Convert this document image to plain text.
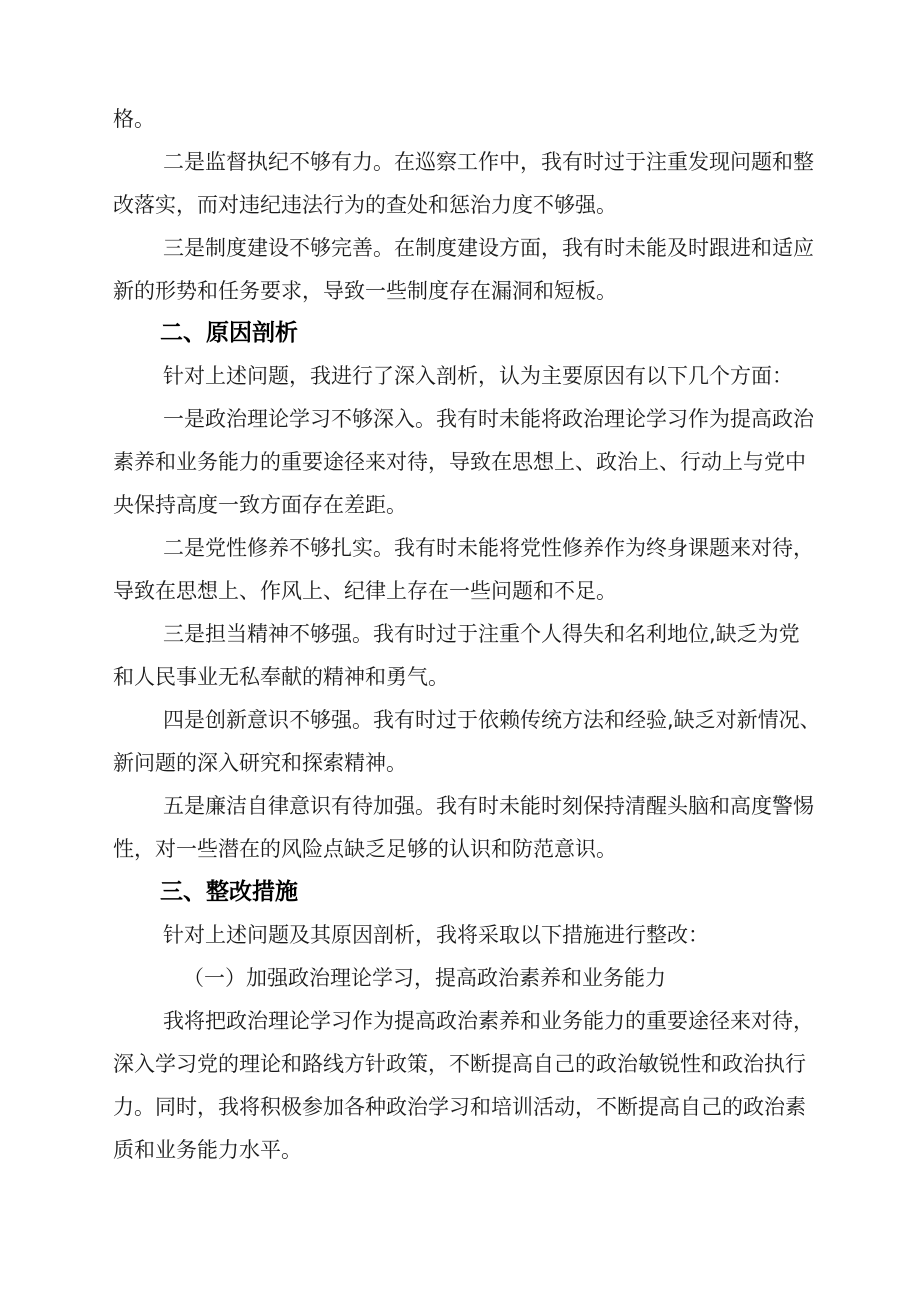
格。
二是监督执纪不够有力。在巡察工作中，我有时过于注重发现问题和整
改落实，而对违纪违法行为的查处和惩治力度不够强。
三是制度建设不够完善。在制度建设方面，我有时未能及时跟进和适应
新的形势和任务要求，导致一些制度存在漏洞和短板。
二、原因剖析
针对上述问题，我进行了深入剖析，认为主要原因有以下几个方面：
一是政治理论学习不够深入。我有时未能将政治理论学习作为提高政治
素养和业务能力的重要途径来对待，导致在思想上、政治上、行动上与党中
央保持高度一致方面存在差距。
二是党性修养不够扎实。我有时未能将党性修养作为终身课题来对待，
导致在思想上、作风上、纪律上存在一些问题和不足。
三是担当精神不够强。我有时过于注重个人得失和名利地位,缺乏为党
和人民事业无私奉献的精神和勇气。
四是创新意识不够强。我有时过于依赖传统方法和经验,缺乏对新情况、
新问题的深入研究和探索精神。
五是廉洁自律意识有待加强。我有时未能时刻保持清醒头脑和高度警惕
性，对一些潜在的风险点缺乏足够的认识和防范意识。
三、整改措施
针对上述问题及其原因剖析，我将采取以下措施进行整改：
（一）加强政治理论学习，提高政治素养和业务能力
我将把政治理论学习作为提高政治素养和业务能力的重要途径来对待，
深入学习党的理论和路线方针政策，不断提高自己的政治敏锐性和政治执行
力。同时，我将积极参加各种政治学习和培训活动，不断提高自己的政治素
质和业务能力水平。
